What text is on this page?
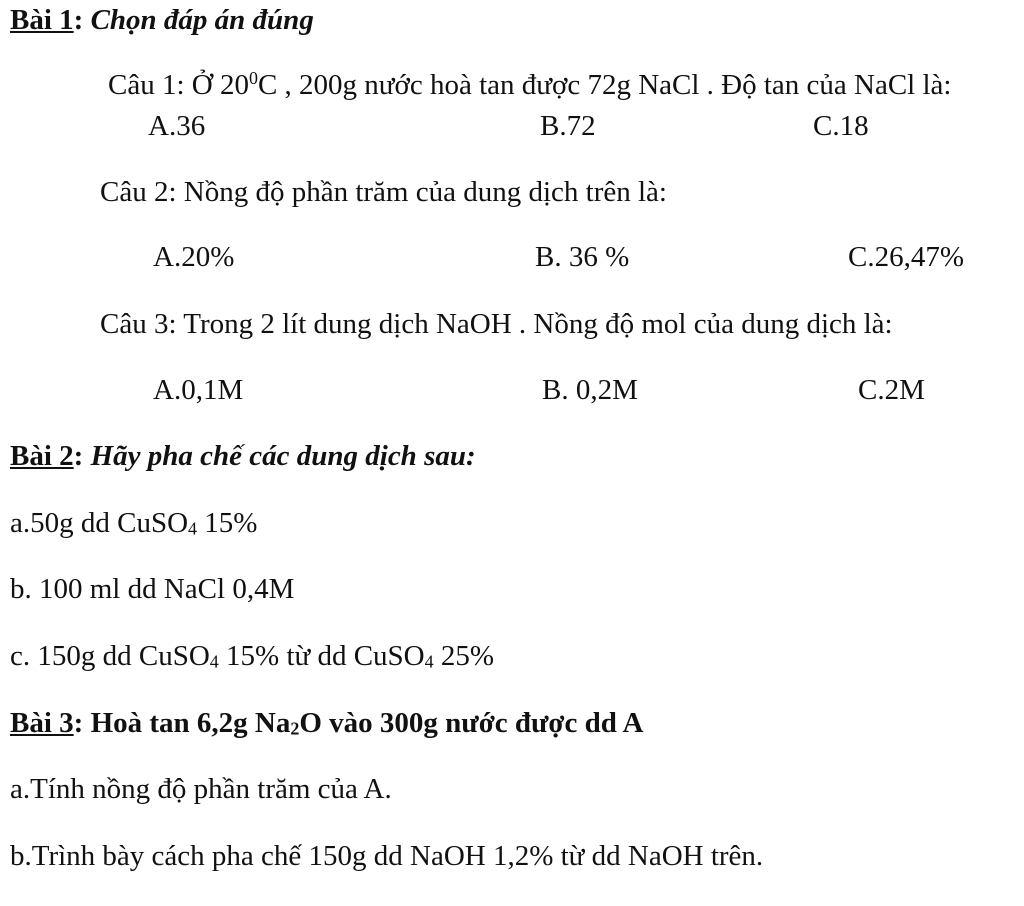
Bài 1: Chọn đáp án đúng
Câu 1: Ở $20^0C$ , 200g nước hoà tan được 72g NaCl . Độ tan của NaCl là:
A.36	B.72	C.18
Câu 2: Nồng độ phần trăm của dung dịch trên là:
A.20%	B. 36 %	C.26,47%
Câu 3: Trong 2 lít dung dịch NaOH . Nồng độ mol của dung dịch là:
A.0,1M	B. 0,2M	C.2M
Bài 2: Hãy pha chế các dung dịch sau:
a.50g dd CuSO$_4$ 15%
b. 100 ml dd NaCl 0,4M
c. 150g dd CuSO$_4$ 15% từ dd CuSO$_4$ 25%
Bài 3: Hoà tan 6,2g $Na_2O$ vào 300g nước được dd A
a.Tính nồng độ phần trăm của A.
b.Trình bày cách pha chế 150g dd NaOH 1,2% từ dd NaOH trên.
